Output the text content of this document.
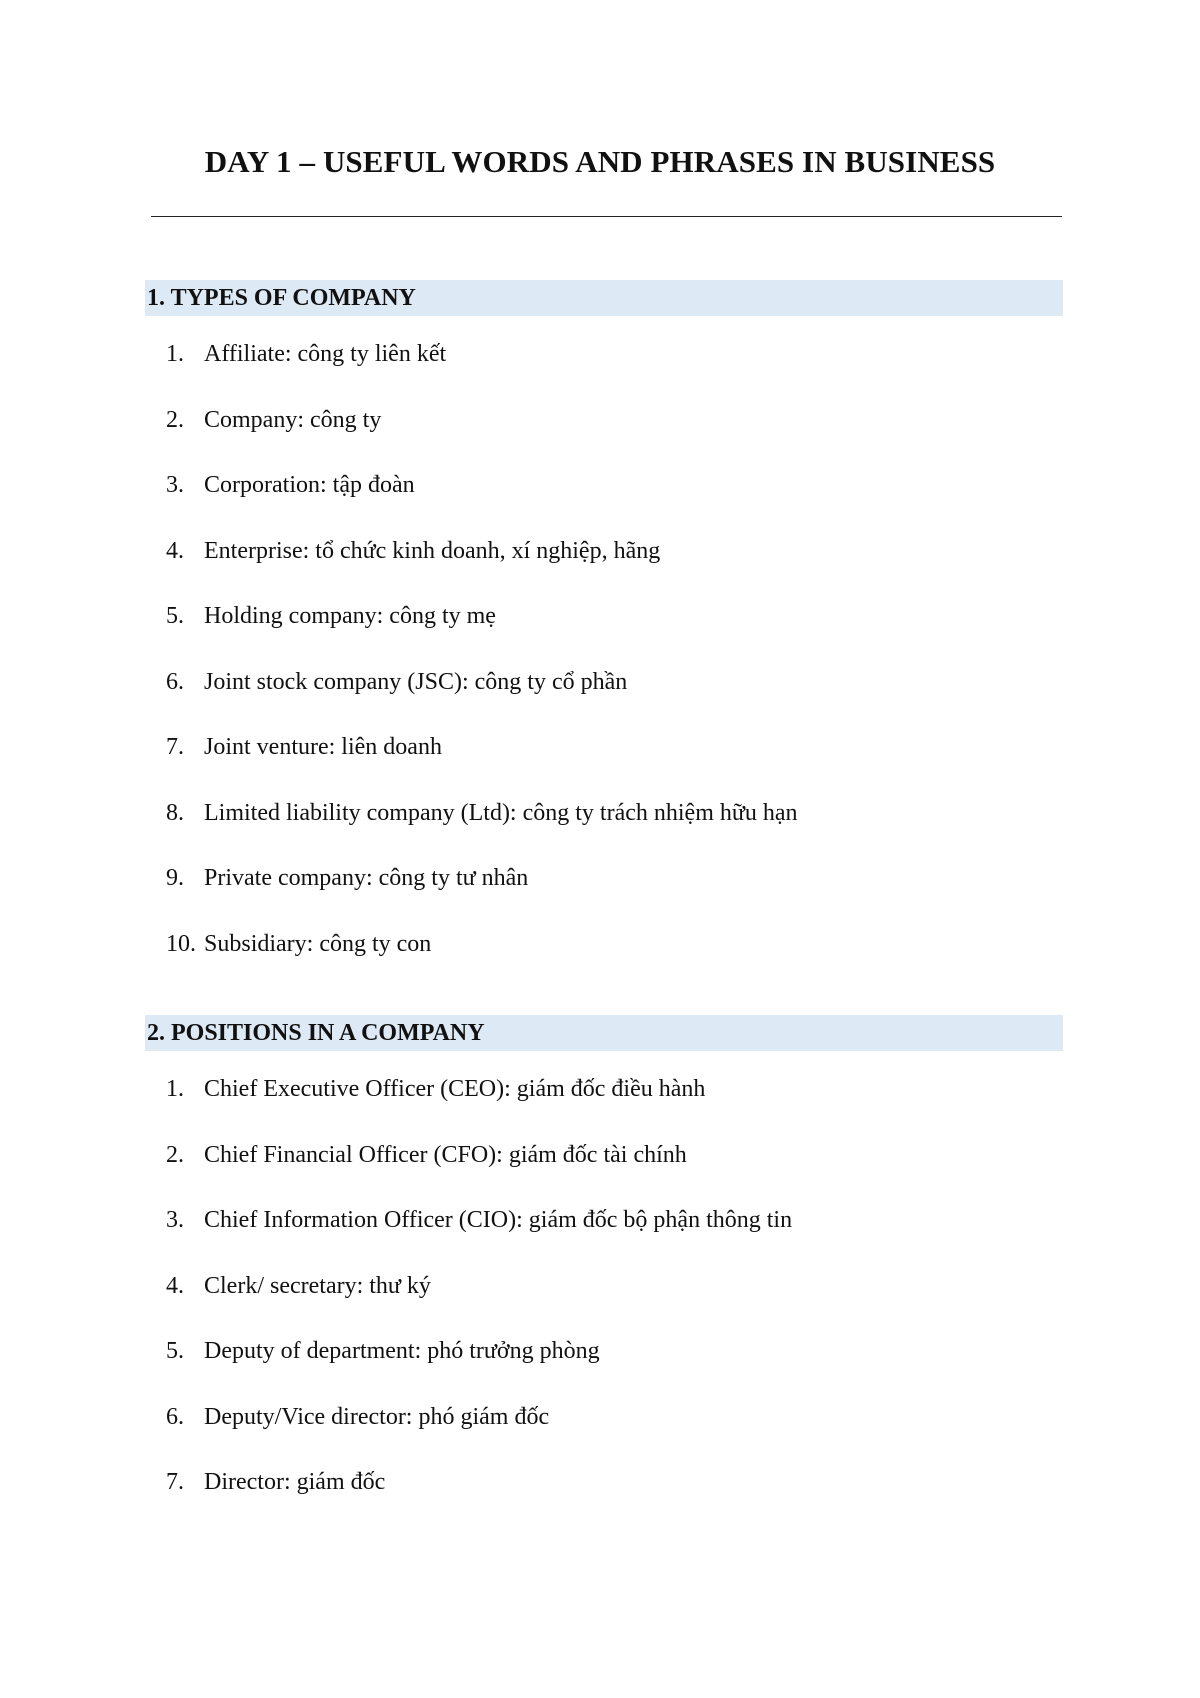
DAY 1 – USEFUL WORDS AND PHRASES IN BUSINESS
1. TYPES OF COMPANY
1. Affiliate: công ty liên kết
2. Company: công ty
3. Corporation: tập đoàn
4. Enterprise: tổ chức kinh doanh, xí nghiệp, hãng
5. Holding company: công ty mẹ
6. Joint stock company (JSC): công ty cổ phần
7. Joint venture: liên doanh
8. Limited liability company (Ltd): công ty trách nhiệm hữu hạn
9. Private company: công ty tư nhân
10. Subsidiary: công ty con
2. POSITIONS IN A COMPANY
1. Chief Executive Officer (CEO): giám đốc điều hành
2. Chief Financial Officer (CFO): giám đốc tài chính
3. Chief Information Officer (CIO): giám đốc bộ phận thông tin
4. Clerk/ secretary: thư ký
5. Deputy of department: phó trưởng phòng
6. Deputy/Vice director: phó giám đốc
7. Director: giám đốc
